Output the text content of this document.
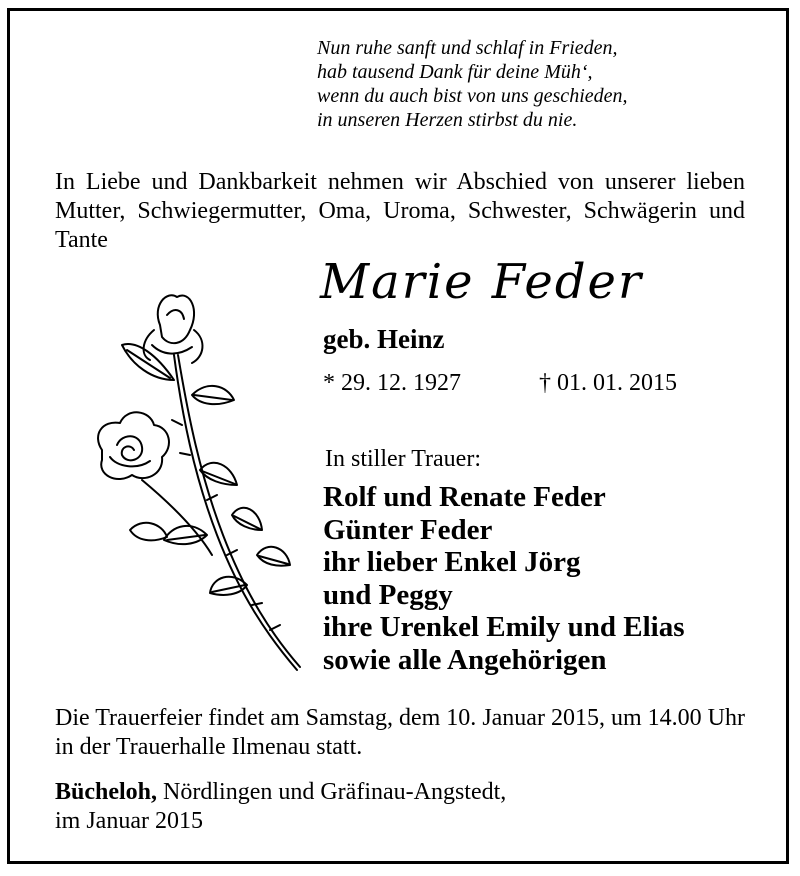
Nun ruhe sanft und schlaf in Frieden,
hab tausend Dank für deine Müh‘,
wenn du auch bist von uns geschieden,
in unseren Herzen stirbst du nie.
In Liebe und Dankbarkeit nehmen wir Abschied von unserer lieben Mutter, Schwiegermutter, Oma, Uroma, Schwester, Schwägerin und Tante
Marie Feder
geb. Heinz
* 29. 12. 1927	† 01. 01. 2015
In stiller Trauer:
Rolf und Renate Feder
Günter Feder
ihr lieber Enkel Jörg
und Peggy
ihre Urenkel Emily und Elias
sowie alle Angehörigen
Die Trauerfeier findet am Samstag, dem 10. Januar 2015, um 14.00 Uhr in der Trauerhalle Ilmenau statt.
Bücheloh, Nördlingen und Gräfinau-Angstedt,
im Januar 2015
